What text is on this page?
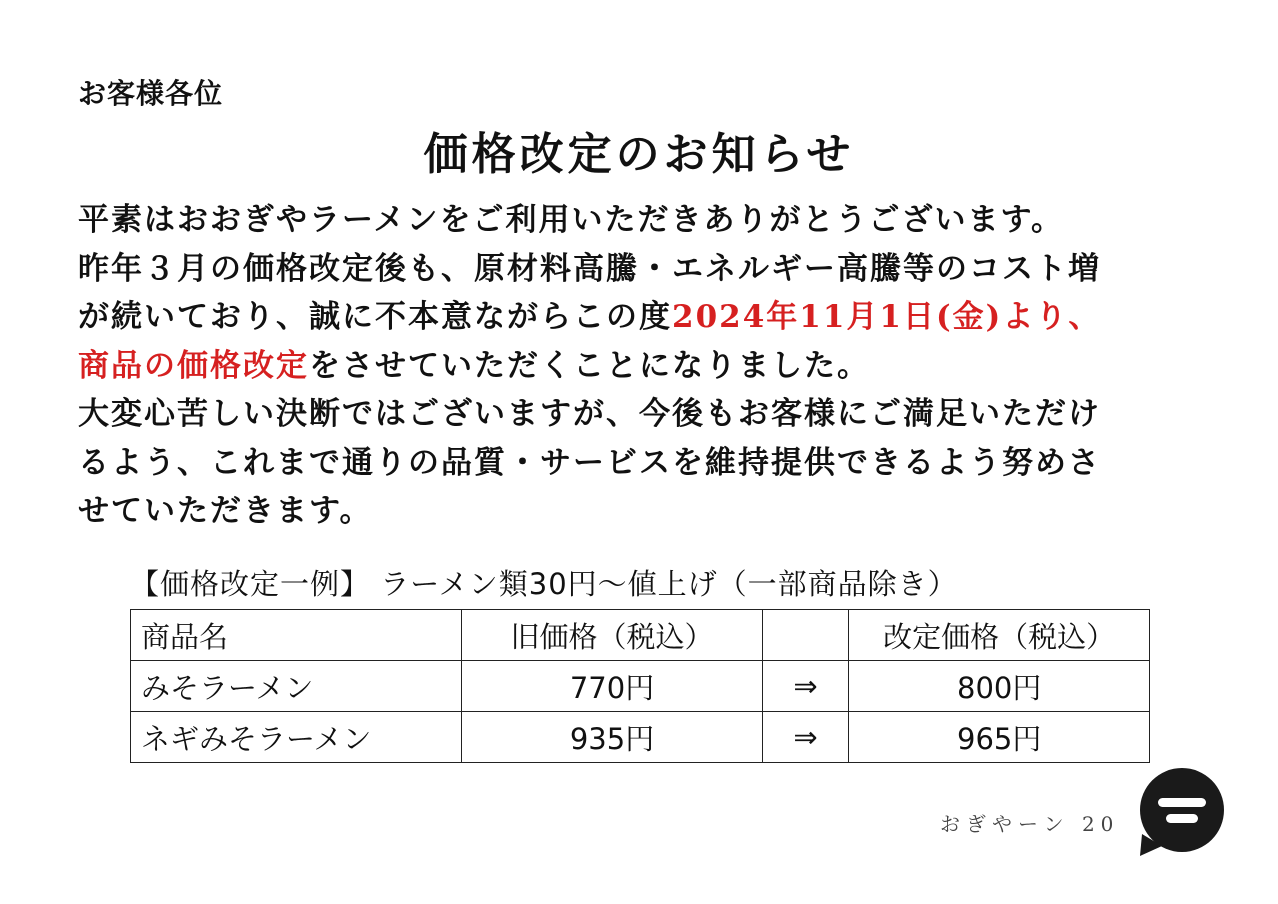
お客様各位
価格改定のお知らせ
平素はおおぎやラーメンをご利用いただきありがとうございます。
昨年３月の価格改定後も、原材料高騰・エネルギー高騰等のコスト増
が続いており、誠に不本意ながらこの度2024年11月1日(金)より、
商品の価格改定をさせていただくことになりました。
大変心苦しい決断ではございますが、今後もお客様にご満足いただけ
るよう、これまで通りの品質・サービスを維持提供できるよう努めさ
せていただきます。
【価格改定一例】 ラーメン類30円～値上げ（一部商品除き）
商品名	旧価格（税込）		改定価格（税込）
みそラーメン	770円	⇒	800円
ネギみそラーメン	935円	⇒	965円
おぎやーン 20
